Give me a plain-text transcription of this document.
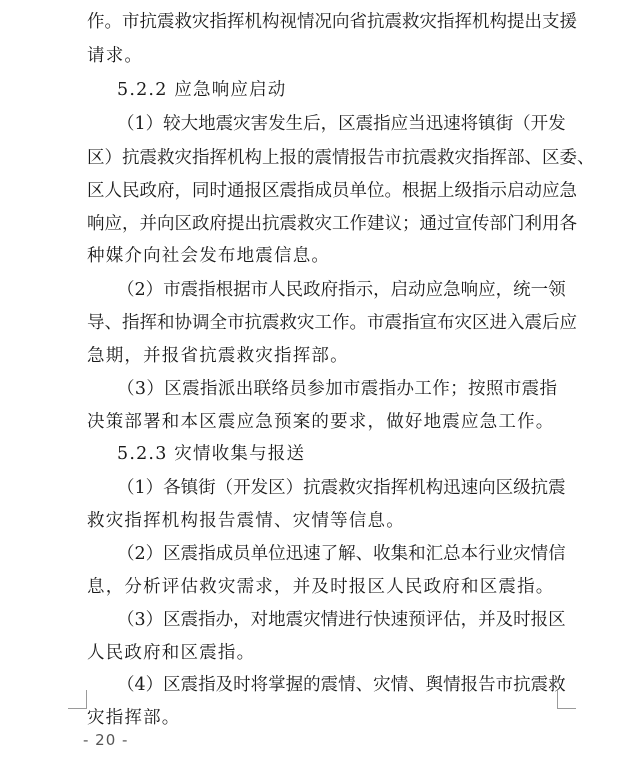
作。市抗震救灾指挥机构视情况向省抗震救灾指挥机构提出支援
请求。
5.2.2 应急响应启动
（1）较大地震灾害发生后，区震指应当迅速将镇街（开发
区）抗震救灾指挥机构上报的震情报告市抗震救灾指挥部、区委、
区人民政府，同时通报区震指成员单位。根据上级指示启动应急
响应，并向区政府提出抗震救灾工作建议；通过宣传部门利用各
种媒介向社会发布地震信息。
（2）市震指根据市人民政府指示，启动应急响应，统一领
导、指挥和协调全市抗震救灾工作。市震指宣布灾区进入震后应
急期，并报省抗震救灾指挥部。
（3）区震指派出联络员参加市震指办工作；按照市震指
决策部署和本区震应急预案的要求，做好地震应急工作。
5.2.3 灾情收集与报送
（1）各镇街（开发区）抗震救灾指挥机构迅速向区级抗震
救灾指挥机构报告震情、灾情等信息。
（2）区震指成员单位迅速了解、收集和汇总本行业灾情信
息，分析评估救灾需求，并及时报区人民政府和区震指。
（3）区震指办，对地震灾情进行快速预评估，并及时报区
人民政府和区震指。
（4）区震指及时将掌握的震情、灾情、舆情报告市抗震救
灾指挥部。
- 20 -
